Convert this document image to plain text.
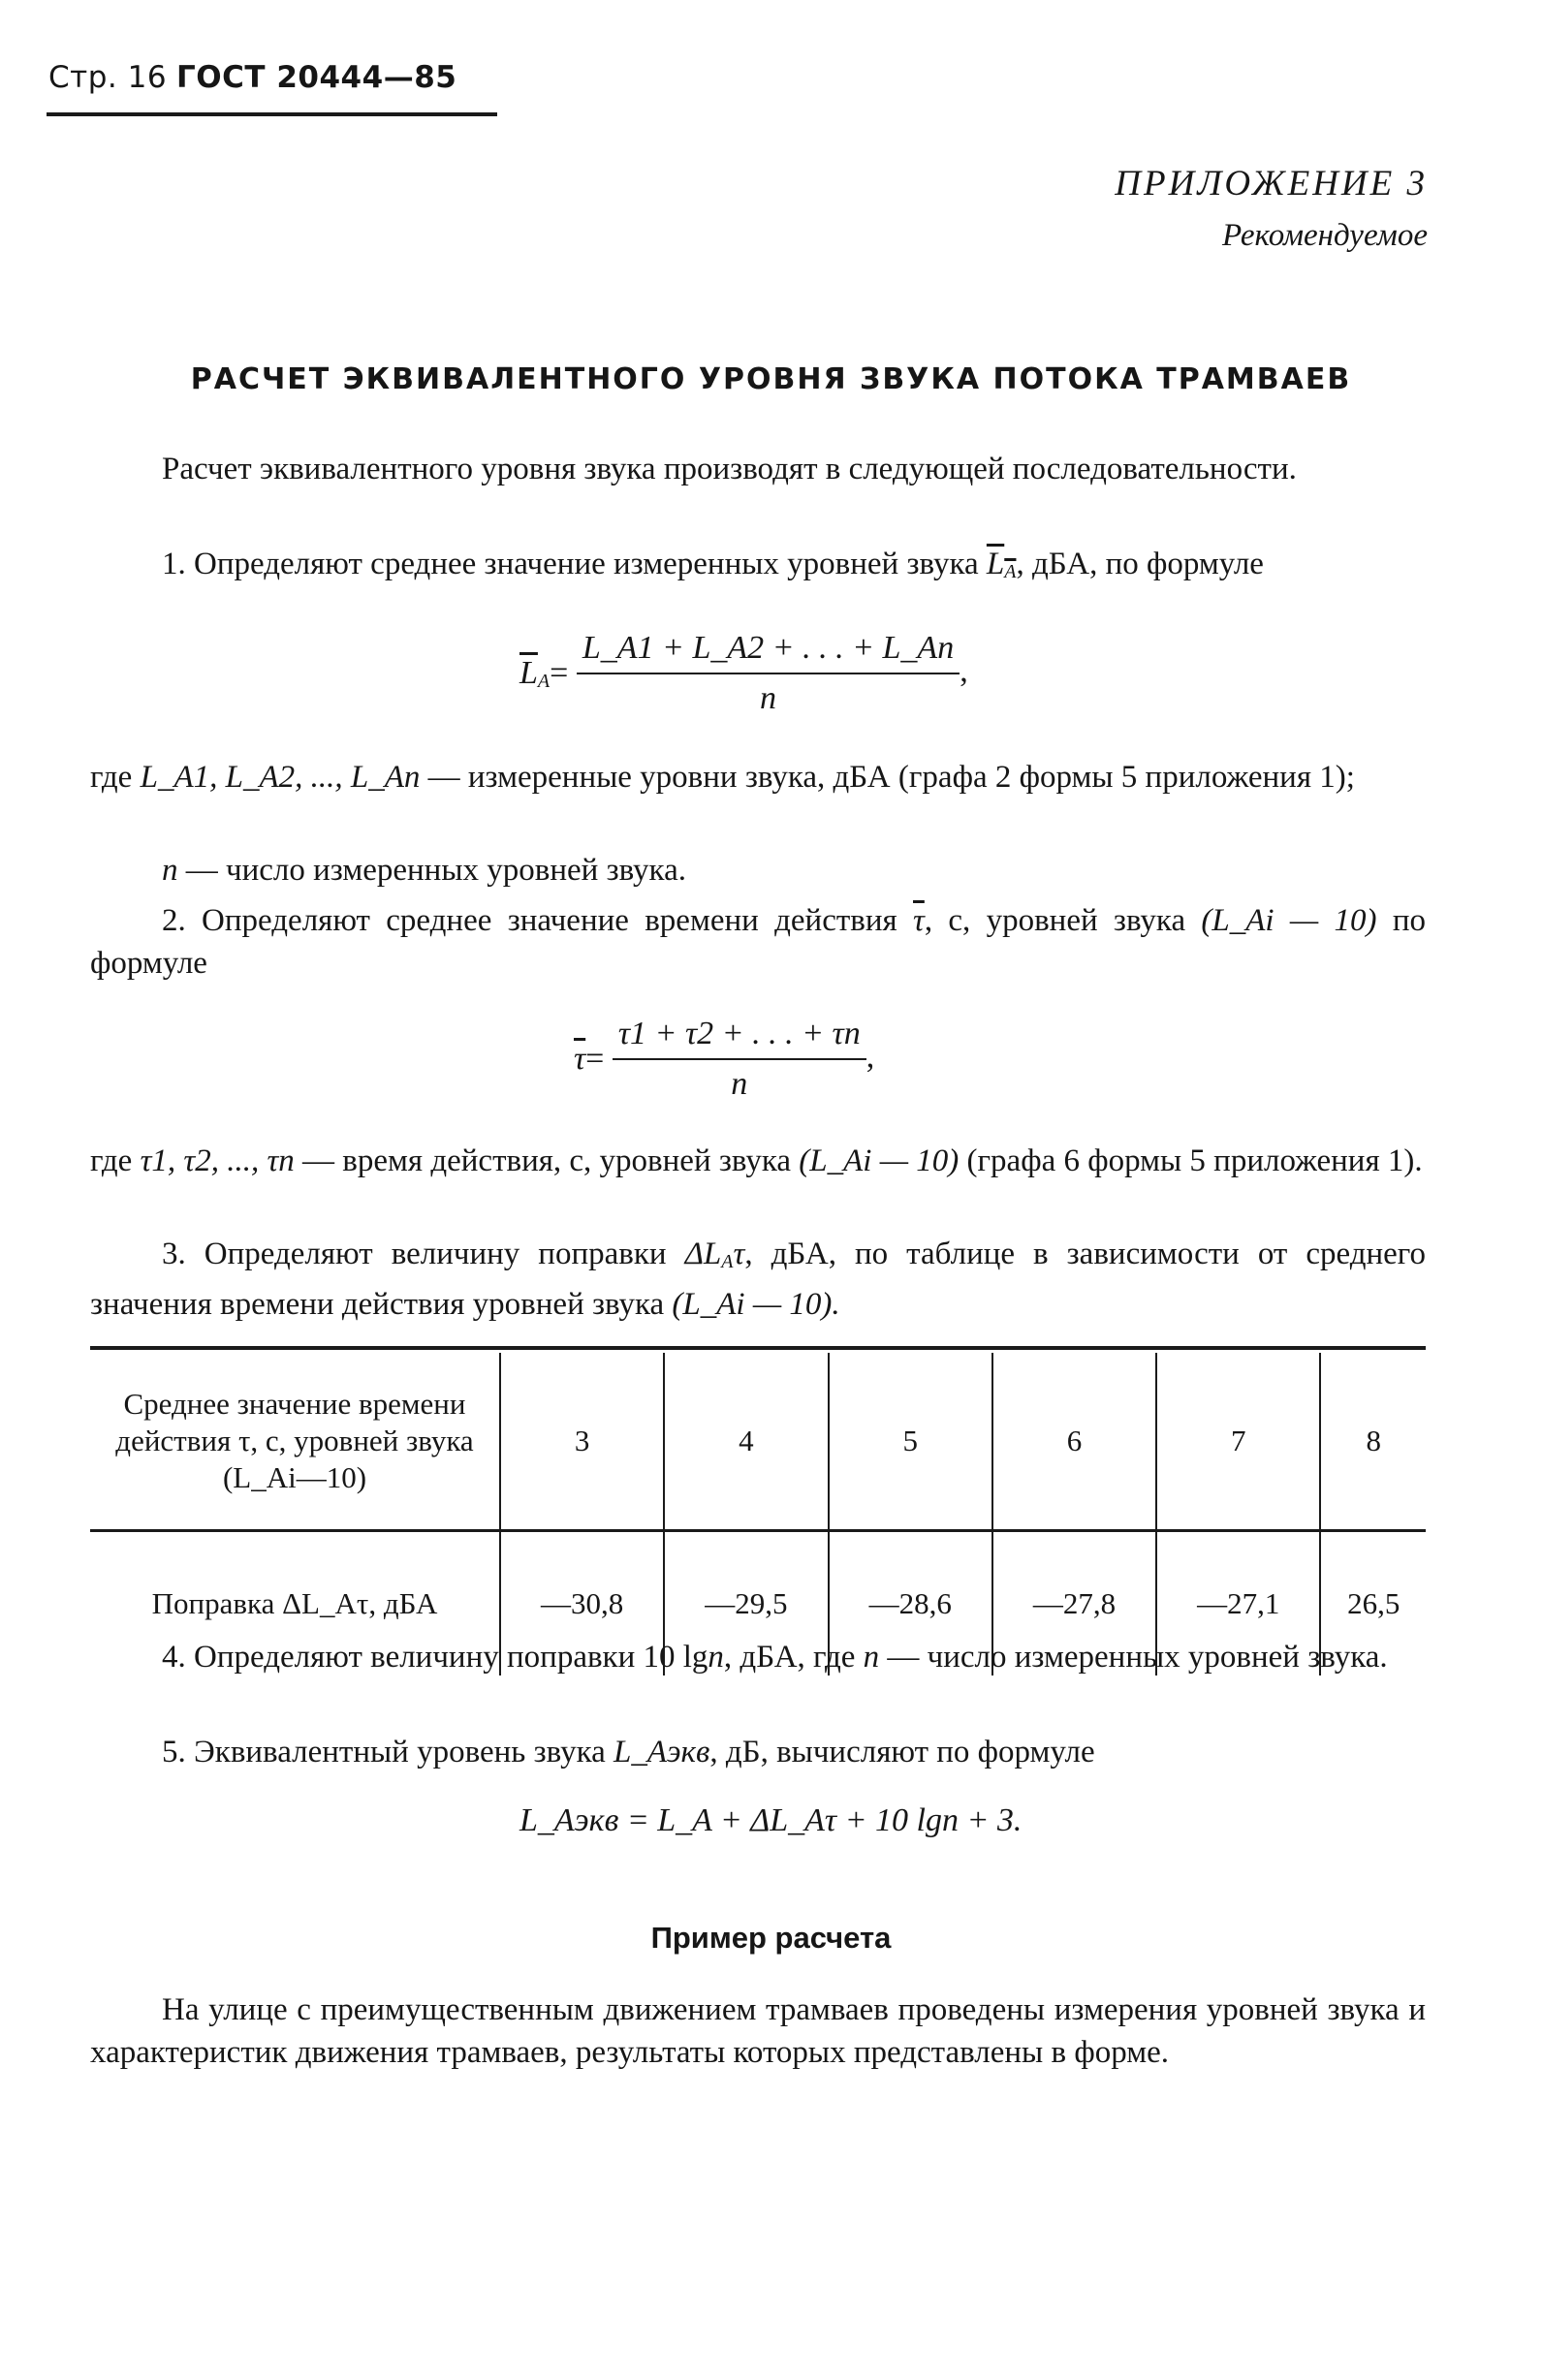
Стр. 16 ГОСТ 20444—85
ПРИЛОЖЕНИЕ 3
Рекомендуемое
РАСЧЕТ ЭКВИВАЛЕНТНОГО УРОВНЯ ЗВУКА ПОТОКА ТРАМВАЕВ
Расчет эквивалентного уровня звука производят в следующей последовательности.
1. Определяют среднее значение измеренных уровней звука $L_A$, дБА, по формуле
$\overline{L}_A= \frac{L\_A1 + L\_A2 + . . . + L\_An}{n}$ ,
где L_A1, L_A2, ..., L_An — измеренные уровни звука, дБА (графа 2 формы 5 приложения 1);
n — число измеренных уровней звука.
2. Определяют среднее значение времени действия $\overline{\tau}$, с, уровней звука (L_Ai — 10) по формуле
$\overline{\tau}= \frac{\tau 1 + \tau 2 + . . . + \tau n}{n}$ ,
где τ1, τ2, ..., τn — время действия, с, уровней звука (L_Ai — 10) (графа 6 формы 5 приложения 1).
3. Определяют величину поправки $\Delta L_A\tau$, дБА, по таблице в зависимости от среднего значения времени действия уровней звука (L_Ai — 10).
Среднее значение времени действия τ, с, уровней звука (L_Ai—10)	3	4	5	6	7	8
Поправка ΔL_Aτ, дБА	—30,8	—29,5	—28,6	—27,8	—27,1	26,5
4. Определяют величину поправки 10 lgn, дБА, где n — число измеренных уровней звука.
5. Эквивалентный уровень звука L_Aэкв, дБ, вычисляют по формуле
L_Aэкв = L_A + ΔL_Aτ + 10 lgn + 3.
Пример расчета
На улице с преимущественным движением трамваев проведены измерения уровней звука и характеристик движения трамваев, результаты которых представлены в форме.
